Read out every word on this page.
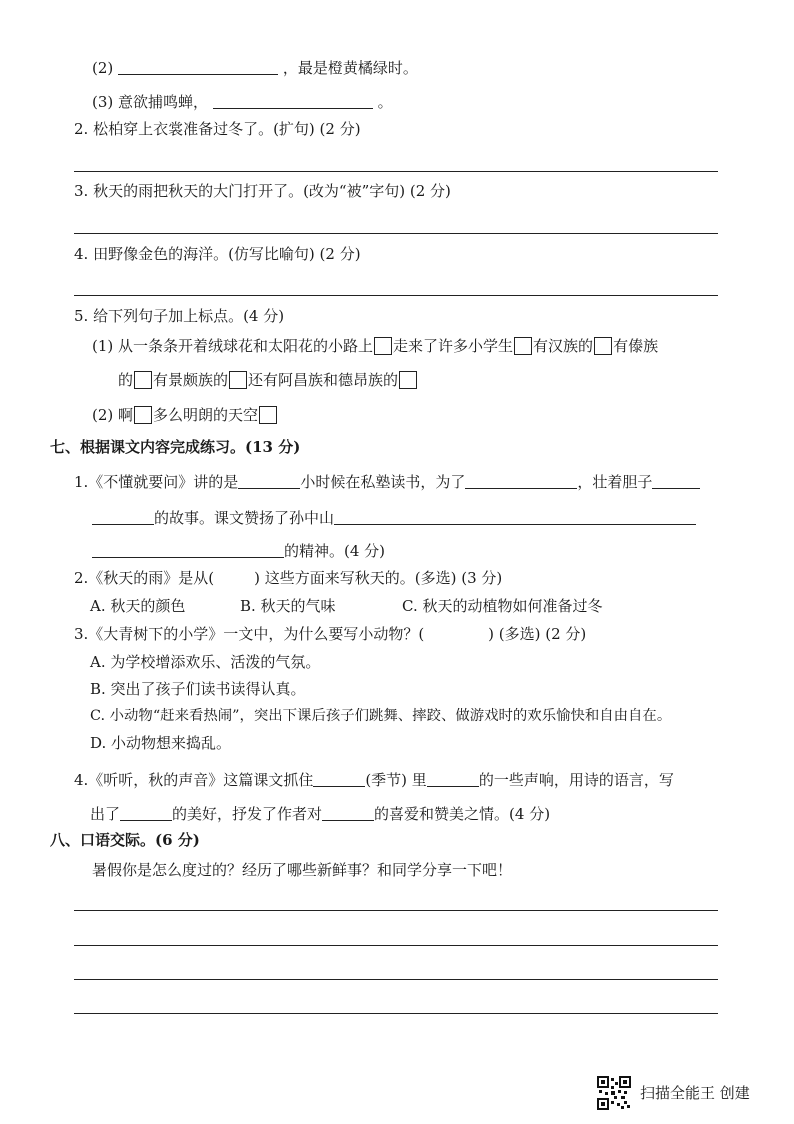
(2)	，最是橙黄橘绿时。
(3) 意欲捕鸣蝉，	。
2. 松柏穿上衣裳准备过冬了。(扩句) (2 分)
3. 秋天的雨把秋天的大门打开了。(改为“被”字句) (2 分)
4. 田野像金色的海洋。(仿写比喻句) (2 分)
5. 给下列句子加上标点。(4 分)
(1) 从一条条开着绒球花和太阳花的小路上 走来了许多小学生 有汉族的 有傣族
的 有景颇族的 还有阿昌族和德昂族的
(2) 啊 多么明朗的天空
七、根据课文内容完成练习。(13 分)
1.《不懂就要问》讲的是	小时候在私塾读书，为了	，壮着胆子
的故事。课文赞扬了孙中山
的精神。(4 分)
2.《秋天的雨》是从(	) 这些方面来写秋天的。(多选) (3 分)
A. 秋天的颜色	B. 秋天的气味	C. 秋天的动植物如何准备过冬
3.《大青树下的小学》一文中，为什么要写小动物？(	) (多选) (2 分)
A. 为学校增添欢乐、活泼的气氛。
B. 突出了孩子们读书读得认真。
C. 小动物“赶来看热闹”，突出下课后孩子们跳舞、摔跤、做游戏时的欢乐愉快和自由自在。
D. 小动物想来捣乱。
4.《听听，秋的声音》这篇课文抓住	(季节) 里	的一些声响，用诗的语言，写
出了	的美好，抒发了作者对	的喜爱和赞美之情。(4 分)
八、口语交际。(6 分)
暑假你是怎么度过的？经历了哪些新鲜事？和同学分享一下吧！
扫描全能王 创建
